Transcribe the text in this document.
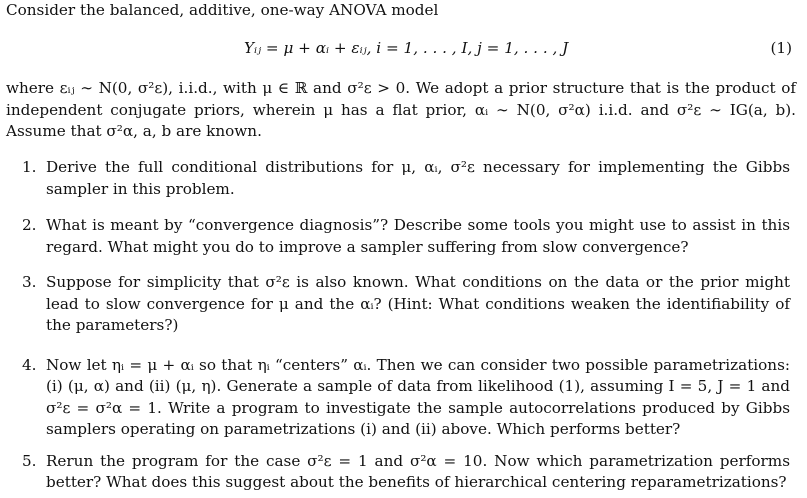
Consider the balanced, additive, one-way ANOVA model
Yᵢⱼ = μ + αᵢ + εᵢⱼ, i = 1, . . . , I, j = 1, . . . , J	(1)
where εᵢⱼ ∼ N(0, σ²ε), i.i.d., with μ ∈ ℝ and σ²ε > 0. We adopt a prior structure that is the product of independent conjugate priors, wherein μ has a flat prior, αᵢ ∼ N(0, σ²α) i.i.d. and σ²ε ∼ IG(a, b). Assume that σ²α, a, b are known.
1. Derive the full conditional distributions for μ, αᵢ, σ²ε necessary for implementing the Gibbs sampler in this problem.
2. What is meant by “convergence diagnosis”? Describe some tools you might use to assist in this regard. What might you do to improve a sampler suffering from slow convergence?
3. Suppose for simplicity that σ²ε is also known. What conditions on the data or the prior might lead to slow convergence for μ and the αᵢ? (Hint: What conditions weaken the identifiability of the parameters?)
4. Now let ηᵢ = μ + αᵢ so that ηᵢ “centers” αᵢ. Then we can consider two possible parametrizations: (i) (μ, α) and (ii) (μ, η). Generate a sample of data from likelihood (1), assuming I = 5, J = 1 and σ²ε = σ²α = 1. Write a program to investigate the sample autocorrelations produced by Gibbs samplers operating on parametrizations (i) and (ii) above. Which performs better?
5. Rerun the program for the case σ²ε = 1 and σ²α = 10. Now which parametrization performs better? What does this suggest about the benefits of hierarchical centering reparametrizations?
